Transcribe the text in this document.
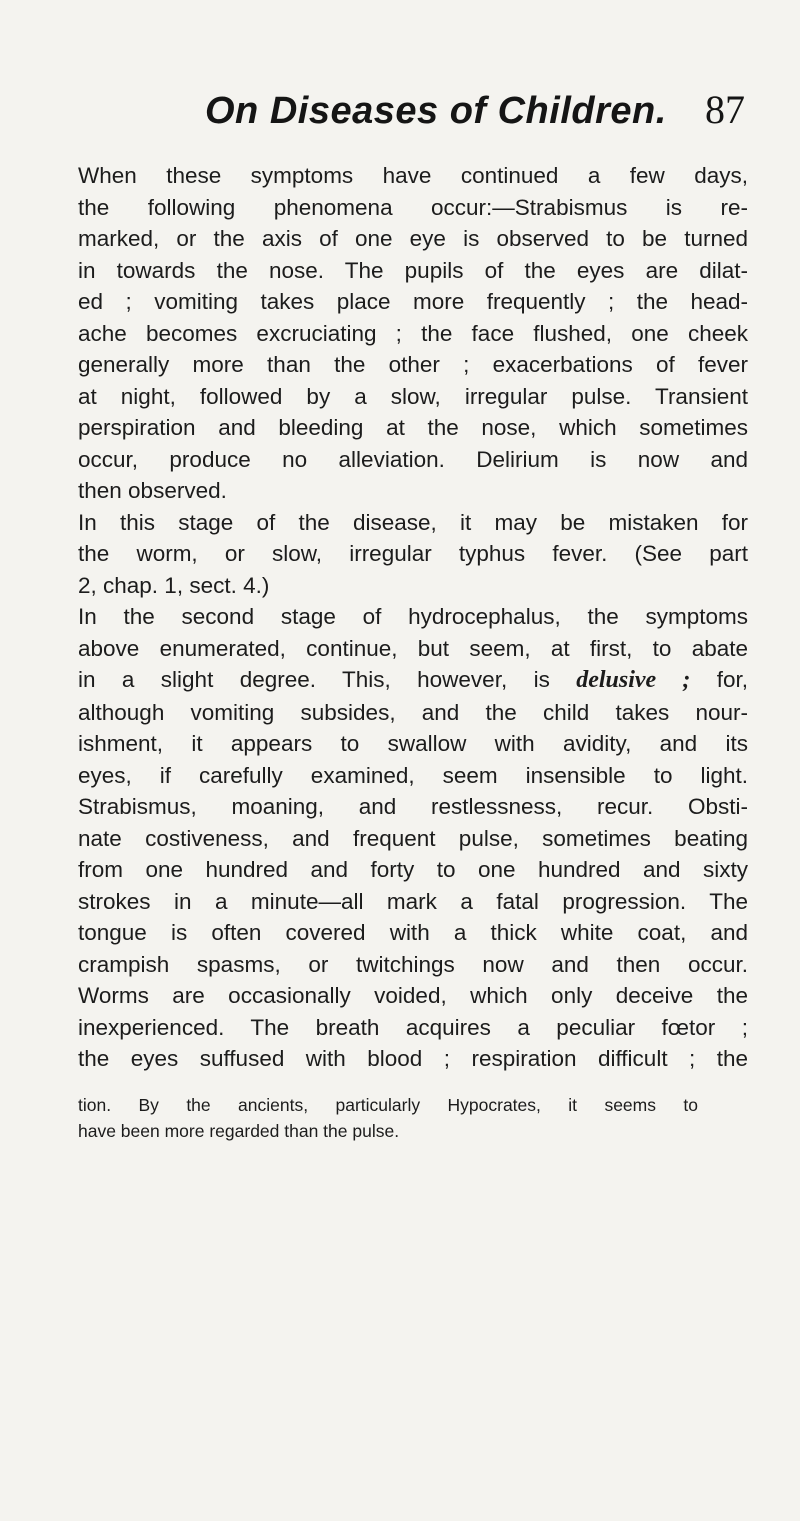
On Diseases of Children. 87

When these symptoms have continued a few days,

the following phenomena occur:—Strabismus is re-

marked, or the axis of one eye is observed to be turned

in towards the nose. The pupils of the eyes are dilat-

ed ; vomiting takes place more frequently ; the head-

ache becomes excruciating ; the face flushed, one cheek

generally more than the other ; exacerbations of fever

at night, followed by a slow, irregular pulse. Transient

perspiration and bleeding at the nose, which sometimes

occur, produce no alleviation. Delirium is now and

then observed.

In this stage of the disease, it may be mistaken for

the worm, or slow, irregular typhus fever. (See part

2, chap. 1, sect. 4.)

In the second stage of hydrocephalus, the symptoms

above enumerated, continue, but seem, at first, to abate

in a slight degree. This, however, is delusive ; for,

although vomiting subsides, and the child takes nour-

ishment, it appears to swallow with avidity, and its

eyes, if carefully examined, seem insensible to light.

Strabismus, moaning, and restlessness, recur. Obsti-

nate costiveness, and frequent pulse, sometimes beating

from one hundred and forty to one hundred and sixty

strokes in a minute—all mark a fatal progression. The

tongue is often covered with a thick white coat, and

crampish spasms, or twitchings now and then occur.

Worms are occasionally voided, which only deceive the

inexperienced. The breath acquires a peculiar fœtor ;

the eyes suffused with blood ; respiration difficult ; the

tion. By the ancients, particularly Hypocrates, it seems to

have been more regarded than the pulse.
